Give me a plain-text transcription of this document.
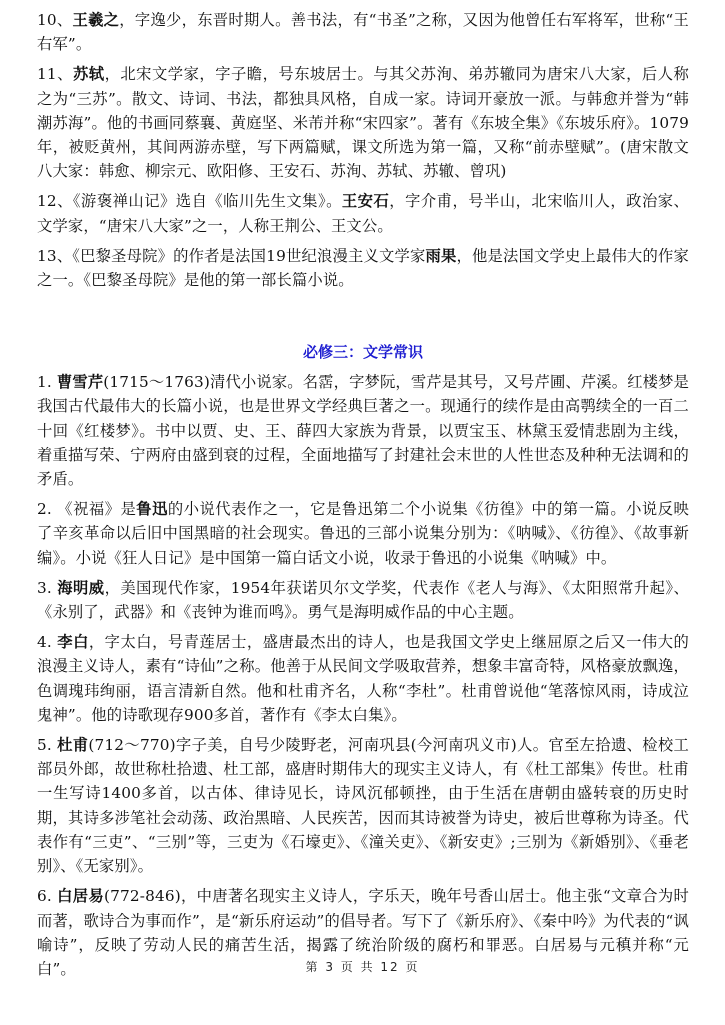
10、王羲之，字逸少，东晋时期人。善书法，有“书圣”之称，又因为他曾任右军将军，世称“王右军”。

11、苏轼，北宋文学家，字子瞻，号东坡居士。与其父苏洵、弟苏辙同为唐宋八大家，后人称之为“三苏”。散文、诗词、书法，都独具风格，自成一家。诗词开豪放一派。与韩愈并誉为“韩潮苏海”。他的书画同蔡襄、黄庭坚、米芾并称“宋四家”。著有《东坡全集》《东坡乐府》。1079年，被贬黄州，其间两游赤壁，写下两篇赋，课文所选为第一篇，又称“前赤壁赋”。(唐宋散文八大家：韩愈、柳宗元、欧阳修、王安石、苏洵、苏轼、苏辙、曾巩)

12、《游褒禅山记》选自《临川先生文集》。王安石，字介甫，号半山，北宋临川人，政治家、文学家，“唐宋八大家”之一，人称王荆公、王文公。

13、《巴黎圣母院》的作者是法国19世纪浪漫主义文学家雨果，他是法国文学史上最伟大的作家之一。《巴黎圣母院》是他的第一部长篇小说。

必修三：文学常识

1. 曹雪芹(1715～1763)清代小说家。名霑，字梦阮，雪芹是其号，又号芹圃、芹溪。红楼梦是我国古代最伟大的长篇小说，也是世界文学经典巨著之一。现通行的续作是由高鹗续全的一百二十回《红楼梦》。书中以贾、史、王、薛四大家族为背景，以贾宝玉、林黛玉爱情悲剧为主线，着重描写荣、宁两府由盛到衰的过程，全面地描写了封建社会末世的人性世态及种种无法调和的矛盾。

2. 《祝福》是鲁迅的小说代表作之一，它是鲁迅第二个小说集《彷徨》中的第一篇。小说反映了辛亥革命以后旧中国黑暗的社会现实。鲁迅的三部小说集分别为：《呐喊》、《彷徨》、《故事新编》。小说《狂人日记》是中国第一篇白话文小说，收录于鲁迅的小说集《呐喊》中。

3. 海明威，美国现代作家，1954年获诺贝尔文学奖，代表作《老人与海》、《太阳照常升起》、《永别了，武器》和《丧钟为谁而鸣》。勇气是海明威作品的中心主题。

4. 李白，字太白，号青莲居士，盛唐最杰出的诗人，也是我国文学史上继屈原之后又一伟大的浪漫主义诗人，素有“诗仙”之称。他善于从民间文学吸取营养，想象丰富奇特，风格豪放飘逸，色调瑰玮绚丽，语言清新自然。他和杜甫齐名，人称“李杜”。杜甫曾说他“笔落惊风雨，诗成泣鬼神”。他的诗歌现存900多首，著作有《李太白集》。

5. 杜甫(712～770)字子美，自号少陵野老，河南巩县(今河南巩义市)人。官至左拾遗、检校工部员外郎，故世称杜拾遗、杜工部，盛唐时期伟大的现实主义诗人，有《杜工部集》传世。杜甫一生写诗1400多首，以古体、律诗见长，诗风沉郁顿挫，由于生活在唐朝由盛转衰的历史时期，其诗多涉笔社会动荡、政治黑暗、人民疾苦，因而其诗被誉为诗史，被后世尊称为诗圣。代表作有“三吏”、“三别”等，三吏为《石壕吏》、《潼关吏》、《新安吏》;三别为《新婚别》、《垂老别》、《无家别》。

6. 白居易(772-846)，中唐著名现实主义诗人，字乐天，晚年号香山居士。他主张“文章合为时而著，歌诗合为事而作”，是“新乐府运动”的倡导者。写下了《新乐府》、《秦中吟》为代表的“讽喻诗”，反映了劳动人民的痛苦生活，揭露了统治阶级的腐朽和罪恶。白居易与元稹并称“元白”。	第 3 页 共 12 页
